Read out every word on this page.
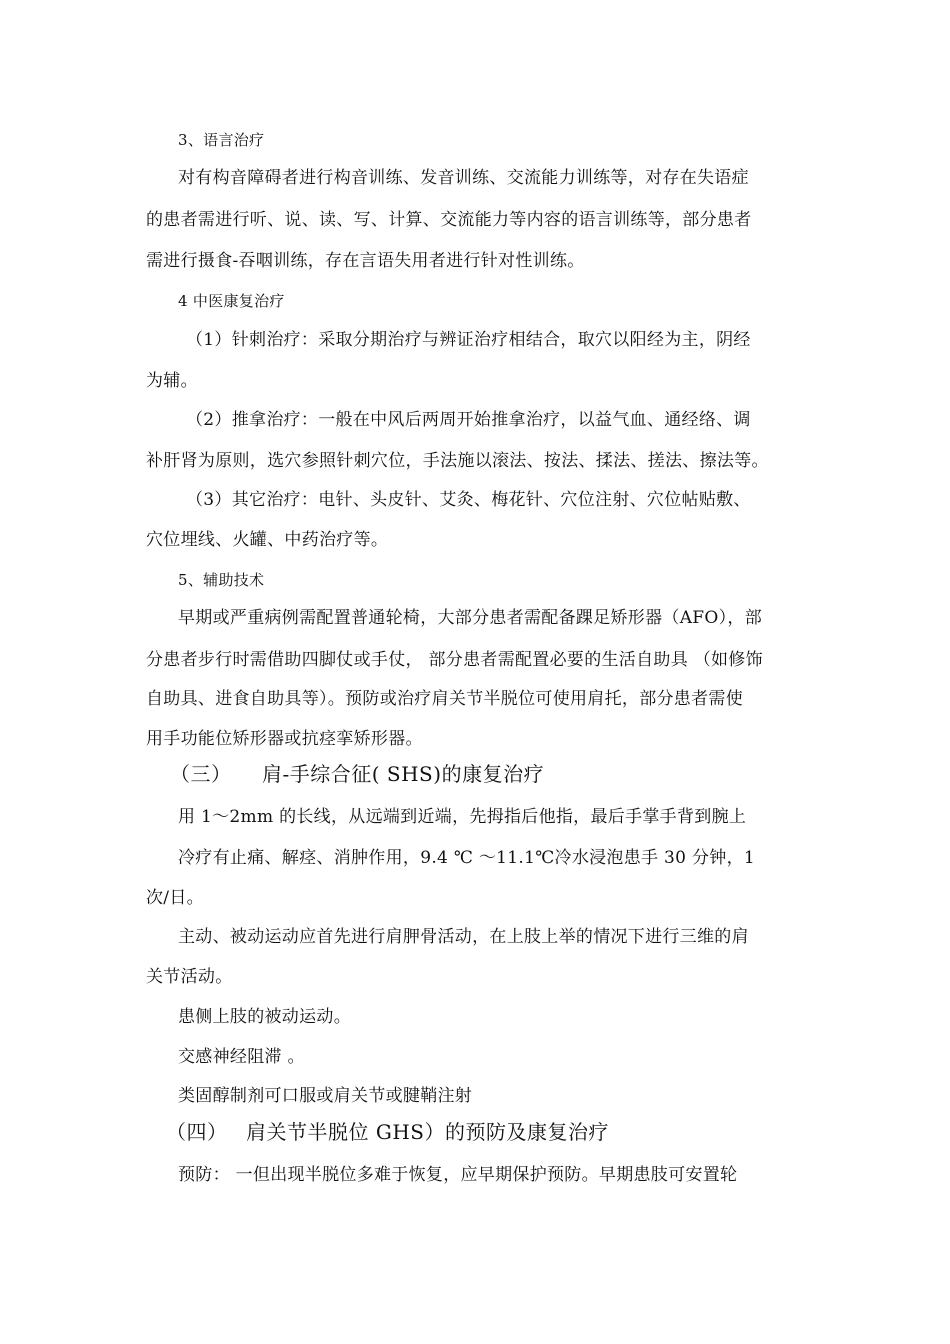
3、语言治疗
对有构音障碍者进行构音训练、发音训练、交流能力训练等，对存在失语症
的患者需进行听、说、读、写、计算、交流能力等内容的语言训练等，部分患者
需进行摄食-吞咽训练，存在言语失用者进行针对性训练。
4 中医康复治疗
（1）针刺治疗：采取分期治疗与辨证治疗相结合，取穴以阳经为主，阴经
为辅。
（2）推拿治疗：一般在中风后两周开始推拿治疗，以益气血、通经络、调
补肝肾为原则，选穴参照针刺穴位，手法施以滚法、按法、揉法、搓法、擦法等。
（3）其它治疗：电针、头皮针、艾灸、梅花针、穴位注射、穴位帖贴敷、
穴位埋线、火罐、中药治疗等。
5、辅助技术
早期或严重病例需配置普通轮椅，大部分患者需配备踝足矫形器（AFO），部
分患者步行时需借助四脚仗或手仗， 部分患者需配置必要的生活自助具 （如修饰
自助具、进食自助具等）。预防或治疗肩关节半脱位可使用肩托，部分患者需使
用手功能位矫形器或抗痉挛矫形器。
（三） 肩-手综合征( SHS)的康复治疗
用 1～2mm 的长线，从远端到近端，先拇指后他指，最后手掌手背到腕上
冷疗有止痛、解痉、消肿作用，9.4 ℃ ～11.1℃冷水浸泡患手 30 分钟，1
次/日。
主动、被动运动应首先进行肩胛骨活动，在上肢上举的情况下进行三维的肩
关节活动。
患侧上肢的被动运动。
交感神经阻滞 。
类固醇制剂可口服或肩关节或腱鞘注射
（四） 肩关节半脱位 GHS）的预防及康复治疗
预防： 一但出现半脱位多难于恢复，应早期保护预防。早期患肢可安置轮
